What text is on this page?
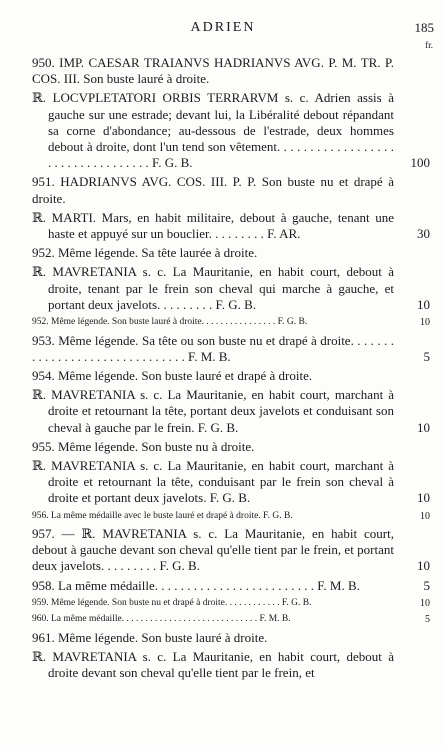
ADRIEN	185
fr.
950. IMP. CAESAR TRAIANVS HADRIANVS AVG. P. M. TR. P. COS. III. Son buste lauré à droite.
ℝ. LOCVPLETATORI ORBIS TERRARVM s. c. Adrien assis à gauche sur une estrade; devant lui, la Libéralité debout répandant sa corne d'abondance; au-dessous de l'estrade, deux hommes debout à droite, dont l'un tend son vêtement. . . . . . . . . . . . . . . . . . . . . . . . . . . . . . . . . . F. G. B.	100
951. HADRIANVS AVG. COS. III. P. P. Son buste nu et drapé à droite.
ℝ. MARTI. Mars, en habit militaire, debout à gauche, tenant une haste et appuyé sur un bouclier. . . . . . . . . F. AR.	30
952. Même légende. Sa tête laurée à droite.
ℝ. MAVRETANIA s. c. La Mauritanie, en habit court, debout à droite, tenant par le frein son cheval qui marche à gauche, et portant deux javelots. . . . . . . . . F. G. B.	10
952. Même légende. Son buste lauré à droite. . . . . . . . . . . . . . . . F. G. B.	10
953. Même légende. Sa tête ou son buste nu et drapé à droite. . . . . . . . . . . . . . . . . . . . . . . . . . . . . . . F. M. B.	5
954. Même légende. Son buste lauré et drapé à droite.
ℝ. MAVRETANIA s. c. La Mauritanie, en habit court, marchant à droite et retournant la tête, portant deux javelots et conduisant son cheval à gauche par le frein. F. G. B.	10
955. Même légende. Son buste nu à droite.
ℝ. MAVRETANIA s. c. La Mauritanie, en habit court, marchant à droite et retournant la tête, conduisant par le frein son cheval à droite et portant deux javelots. F. G. B.	10
956. La même médaille avec le buste lauré et drapé à droite. F. G. B.	10
957. — ℝ. MAVRETANIA s. c. La Mauritanie, en habit court, debout à gauche devant son cheval qu'elle tient par le frein, et portant deux javelots. . . . . . . . . F. G. B.	10
958. La même médaille. . . . . . . . . . . . . . . . . . . . . . . . . F. M. B.	5
959. Même légende. Son buste nu et drapé à droite. . . . . . . . . . . . F. G. B.	10
960. La même médaille. . . . . . . . . . . . . . . . . . . . . . . . . . . . . F. M. B.	5
961. Même légende. Son buste lauré à droite.
ℝ. MAVRETANIA s. c. La Mauritanie, en habit court, debout à droite devant son cheval qu'elle tient par le frein, et
